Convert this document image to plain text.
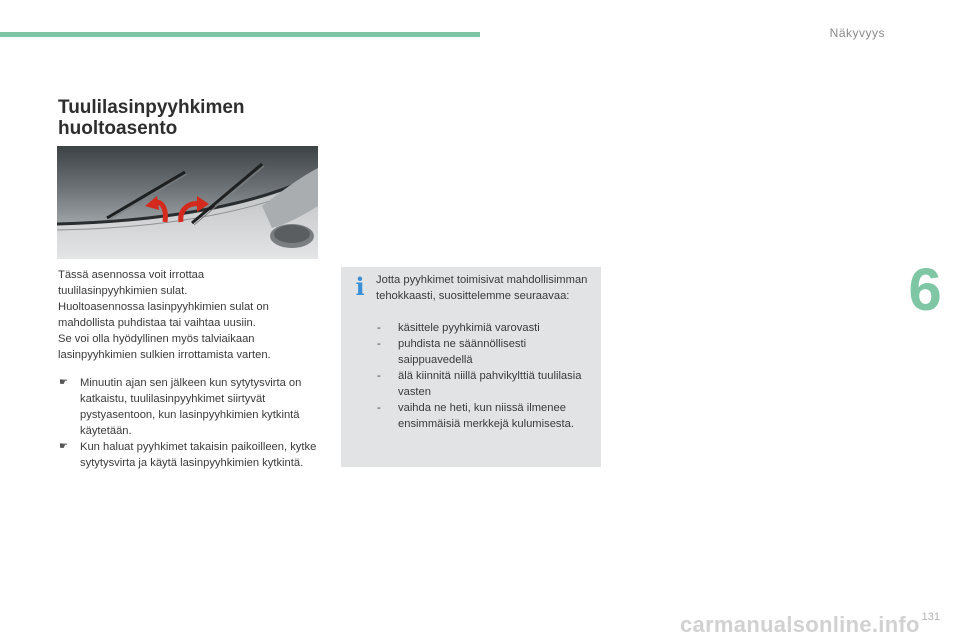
Näkyvyys
Tuulilasinpyyhkimen
huoltoasento
Tässä asennossa voit irrottaa
tuulilasinpyyhkimien sulat.
Huoltoasennossa lasinpyyhkimien sulat on
mahdollista puhdistaa tai vaihtaa uusiin.
Se voi olla hyödyllinen myös talviaikaan
lasinpyyhkimien sulkien irrottamista varten.
☛ Minuutin ajan sen jälkeen kun sytytysvirta on katkaistu, tuulilasinpyyhkimet siirtyvät pystyasentoon, kun lasinpyyhkimien kytkintä käytetään.
☛ Kun haluat pyyhkimet takaisin paikoilleen, kytke sytytysvirta ja käytä lasinpyyhkimien kytkintä.
i Jotta pyyhkimet toimisivat mahdollisimman tehokkaasti, suosittelemme seuraavaa:
- käsittele pyyhkimiä varovasti
- puhdista ne säännöllisesti saippuavedellä
- älä kiinnitä niillä pahvikylttiä tuulilasia vasten
- vaihda ne heti, kun niissä ilmenee ensimmäisiä merkkejä kulumisesta.
6
131
carmanualsonline.info
